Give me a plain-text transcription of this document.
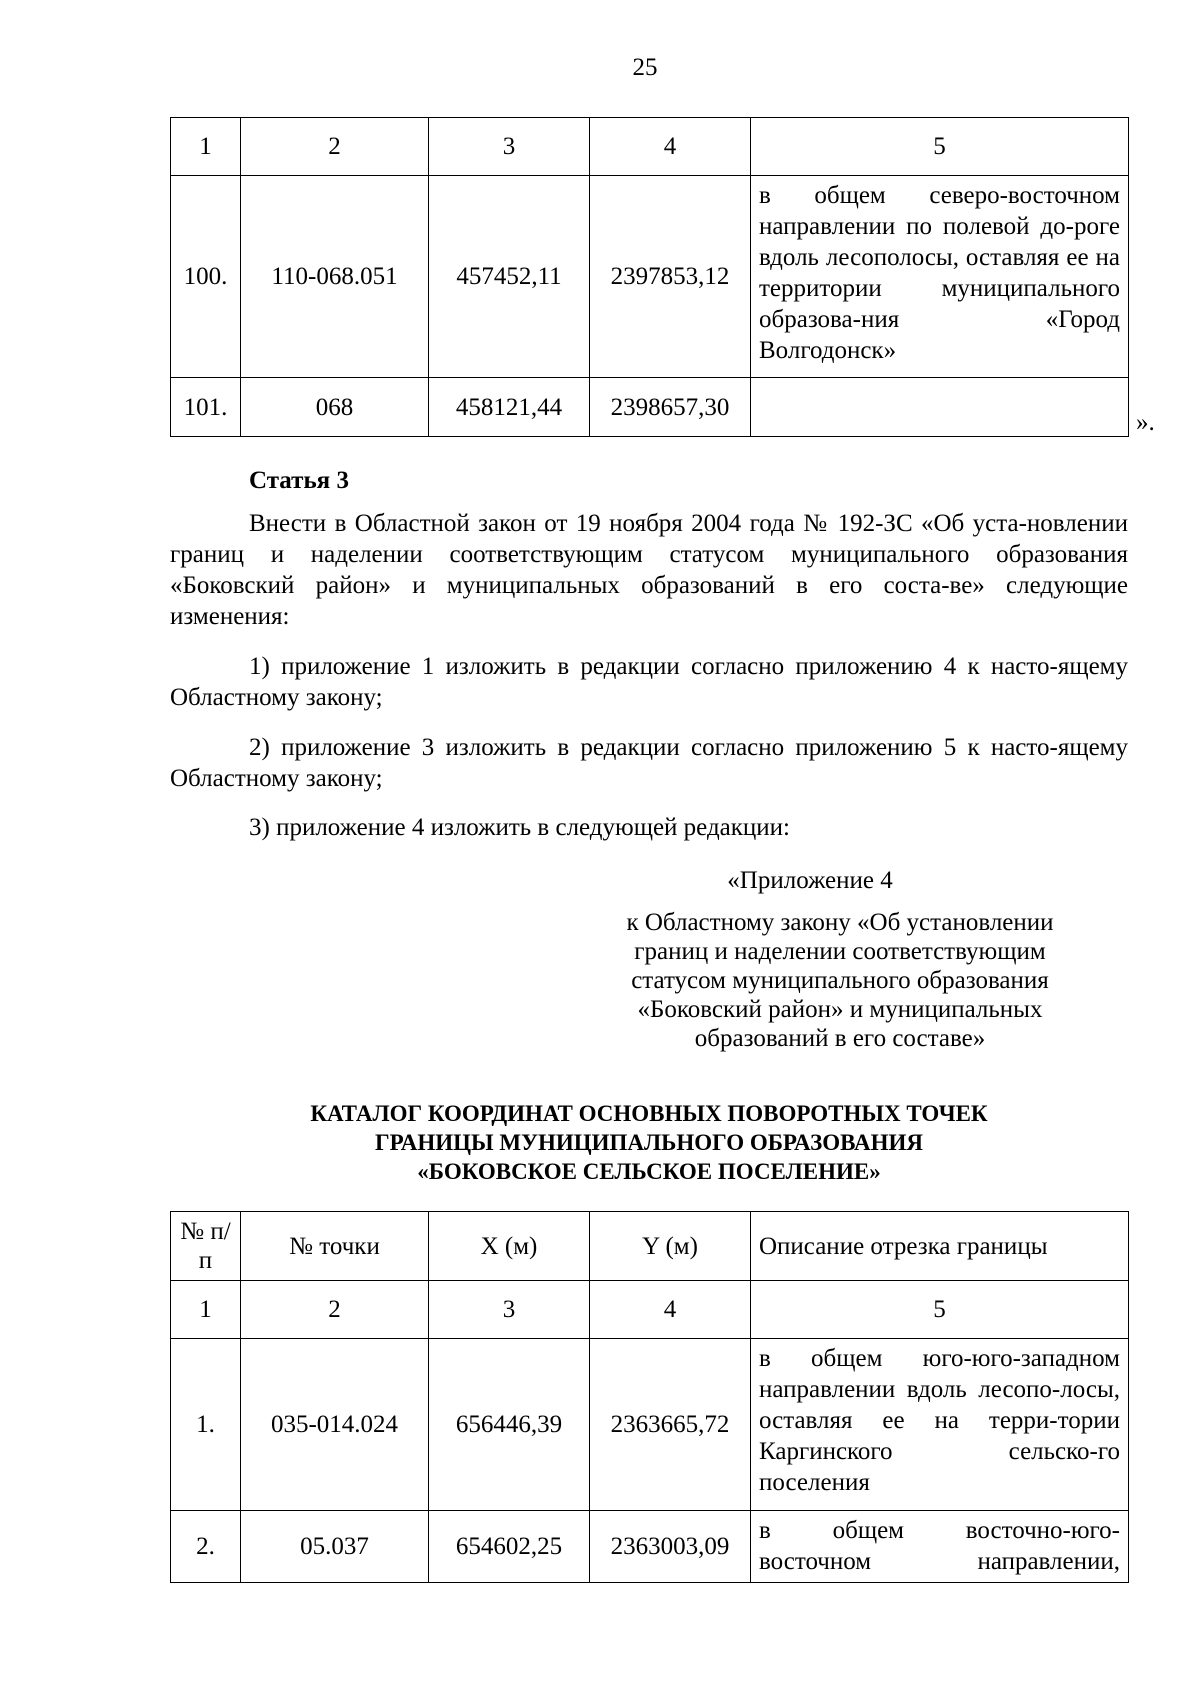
25
1	2	3	4	5
100.	110-068.051	457452,11	2397853,12	в общем северо-восточном направлении по полевой до-роге вдоль лесополосы, оставляя ее на территории муниципального образова-ния «Город Волгодонск»
101.	068	458121,44	2398657,30	
».
Статья 3

Внести в Областной закон от 19 ноября 2004 года № 192-ЗС «Об уста-новлении границ и наделении соответствующим статусом муниципального образования «Боковский район» и муниципальных образований в его соста-ве» следующие изменения:

1) приложение 1 изложить в редакции согласно приложению 4 к насто-ящему Областному закону;

2) приложение 3 изложить в редакции согласно приложению 5 к насто-ящему Областному закону;

3) приложение 4 изложить в следующей редакции:

«Приложение 4
к Областному закону «Об установлении
границ и наделении соответствующим
статусом муниципального образования
«Боковский район» и муниципальных
образований в его составе»
КАТАЛОГ КООРДИНАТ ОСНОВНЫХ ПОВОРОТНЫХ ТОЧЕК
ГРАНИЦЫ МУНИЦИПАЛЬНОГО ОБРАЗОВАНИЯ
«БОКОВСКОЕ СЕЛЬСКОЕ ПОСЕЛЕНИЕ»
№ п/п	№ точки	X (м)	Y (м)	Описание отрезка границы
1	2	3	4	5
1.	035-014.024	656446,39	2363665,72	в общем юго-юго-западном направлении вдоль лесопо-лосы, оставляя ее на терри-тории Каргинского сельско-го поселения
2.	05.037	654602,25	2363003,09	в общем восточно-юго-восточном направлении,
